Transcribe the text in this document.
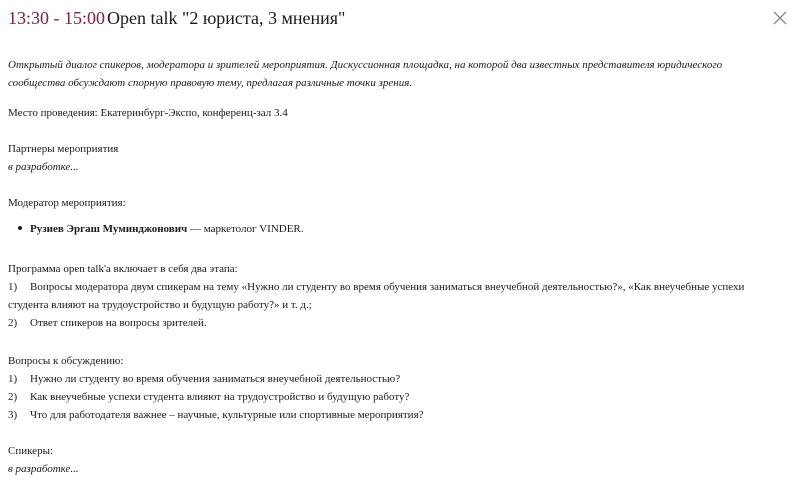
13:30 - 15:00 Open talk "2 юриста, 3 мнения"
Открытый диалог спикеров, модератора и зрителей мероприятия. Дискуссионная площадка, на которой два известных представителя юридического сообщества обсуждают спорную правовую тему, предлагая различные точки зрения.
Место проведения: Екатеринбург-Экспо, конференц-зал 3.4
Партнеры мероприятия
в разработке...
Модератор мероприятия:
Рузиев Эргаш Муминджонович — маркетолог VINDER.
Программа open talk'a включает в себя два этапа:
1) Вопросы модератора двум спикерам на тему «Нужно ли студенту во время обучения заниматься внеучебной деятельностью?», «Как внеучебные успехи студента влияют на трудоустройство и будущую работу?» и т. д.;
2) Ответ спикеров на вопросы зрителей.
Вопросы к обсуждению:
1) Нужно ли студенту во время обучения заниматься внеучебной деятельностью?
2) Как внеучебные успехи студента влияют на трудоустройство и будущую работу?
3) Что для работодателя важнее – научные, культурные или спортивные мероприятия?
Спикеры:
в разработке...
